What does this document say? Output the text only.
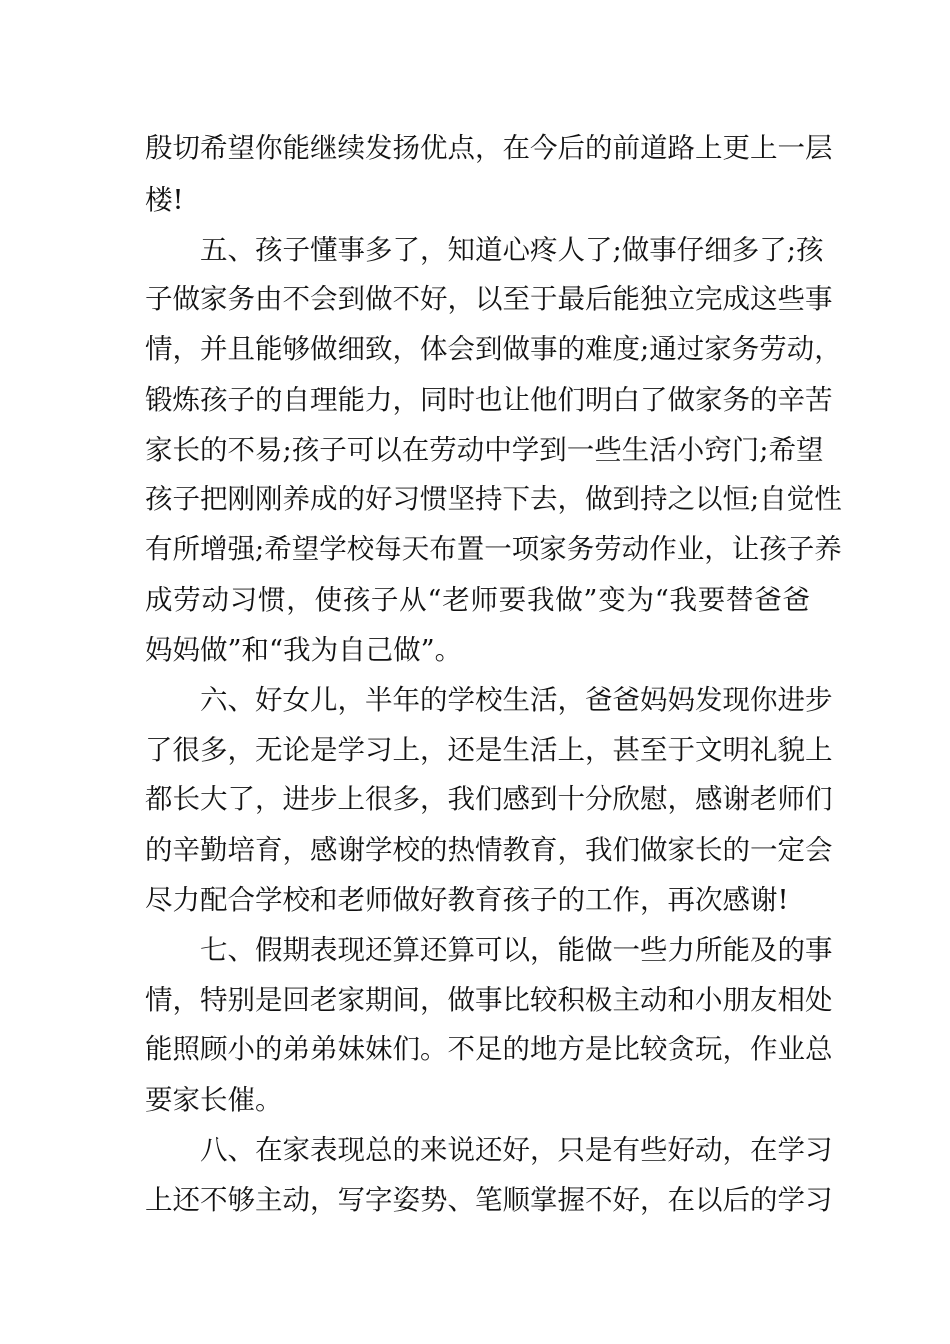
殷切希望你能继续发扬优点，在今后的前道路上更上一层
楼!
五、孩子懂事多了，知道心疼人了;做事仔细多了;孩
子做家务由不会到做不好，以至于最后能独立完成这些事
情，并且能够做细致，体会到做事的难度;通过家务劳动，
锻炼孩子的自理能力，同时也让他们明白了做家务的辛苦
家长的不易;孩子可以在劳动中学到一些生活小窍门;希望
孩子把刚刚养成的好习惯坚持下去，做到持之以恒;自觉性
有所增强;希望学校每天布置一项家务劳动作业，让孩子养
成劳动习惯，使孩子从“老师要我做”变为“我要替爸爸
妈妈做”和“我为自己做”。
六、好女儿，半年的学校生活，爸爸妈妈发现你进步
了很多，无论是学习上，还是生活上，甚至于文明礼貌上
都长大了，进步上很多，我们感到十分欣慰，感谢老师们
的辛勤培育，感谢学校的热情教育，我们做家长的一定会
尽力配合学校和老师做好教育孩子的工作，再次感谢!
七、假期表现还算还算可以，能做一些力所能及的事
情，特别是回老家期间，做事比较积极主动和小朋友相处
能照顾小的弟弟妹妹们。不足的地方是比较贪玩，作业总
要家长催。
八、在家表现总的来说还好，只是有些好动，在学习
上还不够主动，写字姿势、笔顺掌握不好，在以后的学习
